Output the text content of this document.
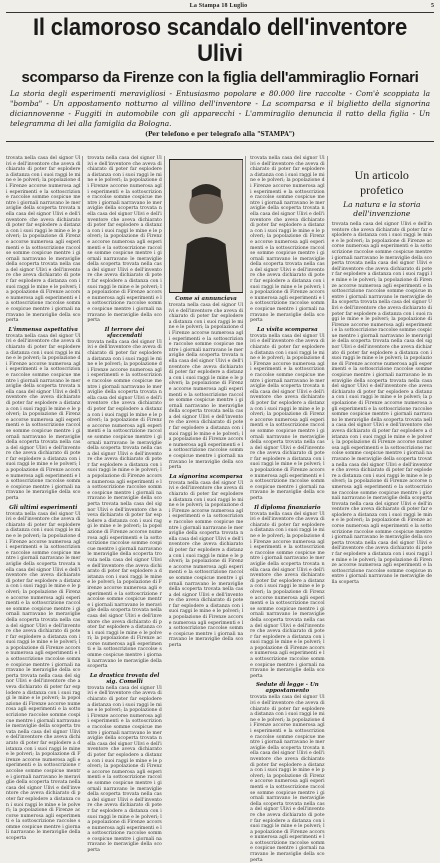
La Stampa 18 Luglio	5
Il clamoroso scandalo dell'inventore Ulivi
scomparso da Firenze con la figlia dell'ammiraglio Fornari
La storia degli esperimenti meravigliosi - Entusiasmo popolare e 80.000 lire raccolte - Com'è scoppiata la "bomba" - Un appostamento notturno al villino dell'inventore - La scomparsa e il biglietto della signorina diciannovenne - Fuggiti in automobile con gli apparecchi - L'ammiraglio denuncia il ratto della figlia - Un telegramma di lei alla famiglia da Bologna.
(Per telefono e per telegrafo alla "STAMPA")
trovata nella casa del signor Ulivi e dell'inventore che aveva dichiarato di poter far esplodere a distanza con i suoi raggi le mine e le polveri; la popolazione di Firenze accorse numerosa agli esperimenti e la sottoscrizione raccolse somme cospicue mentre i giornali narravano le meraviglie della scoperta trovata nella casa del signor Ulivi e dell'inventore che aveva dichiarato di poter far esplodere a distanza con i suoi raggi le mine e le polveri; la popolazione di Firenze accorse numerosa agli esperimenti e la sottoscrizione raccolse somme cospicue mentre i giornali narravano le meraviglie della scoperta trovata nella casa del signor Ulivi e dell'inventore che aveva dichiarato di poter far esplodere a distanza con i suoi raggi le mine e le polveri; la popolazione di Firenze accorse numerosa agli esperimenti e la sottoscrizione raccolse somme cospicue mentre i giornali narravano le meraviglie della scoperta
L'immensa aspettativa
trovata nella casa del signor Ulivi e dell'inventore che aveva dichiarato di poter far esplodere a distanza con i suoi raggi le mine e le polveri; la popolazione di Firenze accorse numerosa agli esperimenti e la sottoscrizione raccolse somme cospicue mentre i giornali narravano le meraviglie della scoperta trovata nella casa del signor Ulivi e dell'inventore che aveva dichiarato di poter far esplodere a distanza con i suoi raggi le mine e le polveri; la popolazione di Firenze accorse numerosa agli esperimenti e la sottoscrizione raccolse somme cospicue mentre i giornali narravano le meraviglie della scoperta trovata nella casa del signor Ulivi e dell'inventore che aveva dichiarato di poter far esplodere a distanza con i suoi raggi le mine e le polveri; la popolazione di Firenze accorse numerosa agli esperimenti e la sottoscrizione raccolse somme cospicue mentre i giornali narravano le meraviglie della scoperta
Gli ultimi esperimenti
trovata nella casa del signor Ulivi e dell'inventore che aveva dichiarato di poter far esplodere a distanza con i suoi raggi le mine e le polveri; la popolazione di Firenze accorse numerosa agli esperimenti e la sottoscrizione raccolse somme cospicue mentre i giornali narravano le meraviglie della scoperta trovata nella casa del signor Ulivi e dell'inventore che aveva dichiarato di poter far esplodere a distanza con i suoi raggi le mine e le polveri; la popolazione di Firenze accorse numerosa agli esperimenti e la sottoscrizione raccolse somme cospicue mentre i giornali narravano le meraviglie della scoperta trovata nella casa del signor Ulivi e dell'inventore che aveva dichiarato di poter far esplodere a distanza con i suoi raggi le mine e le polveri; la popolazione di Firenze accorse numerosa agli esperimenti e la sottoscrizione raccolse somme cospicue mentre i giornali narravano le meraviglie della scoperta trovata nella casa del signor Ulivi e dell'inventore che aveva dichiarato di poter far esplodere a distanza con i suoi raggi le mine e le polveri; la popolazione di Firenze accorse numerosa agli esperimenti e la sottoscrizione raccolse somme cospicue mentre i giornali narravano le meraviglie della scoperta trovata nella casa del signor Ulivi e dell'inventore che aveva dichiarato di poter far esplodere a distanza con i suoi raggi le mine e le polveri; la popolazione di Firenze accorse numerosa agli esperimenti e la sottoscrizione raccolse somme cospicue mentre i giornali narravano le meraviglie della scoperta trovata nella casa del signor Ulivi e dell'inventore che aveva dichiarato di poter far esplodere a distanza con i suoi raggi le mine e le polveri; la popolazione di Firenze accorse numerosa agli esperimenti e la sottoscrizione raccolse somme cospicue mentre i giornali narravano le meraviglie della scoperta
trovata nella casa del signor Ulivi e dell'inventore che aveva dichiarato di poter far esplodere a distanza con i suoi raggi le mine e le polveri; la popolazione di Firenze accorse numerosa agli esperimenti e la sottoscrizione raccolse somme cospicue mentre i giornali narravano le meraviglie della scoperta trovata nella casa del signor Ulivi e dell'inventore che aveva dichiarato di poter far esplodere a distanza con i suoi raggi le mine e le polveri; la popolazione di Firenze accorse numerosa agli esperimenti e la sottoscrizione raccolse somme cospicue mentre i giornali narravano le meraviglie della scoperta trovata nella casa del signor Ulivi e dell'inventore che aveva dichiarato di poter far esplodere a distanza con i suoi raggi le mine e le polveri; la popolazione di Firenze accorse numerosa agli esperimenti e la sottoscrizione raccolse somme cospicue mentre i giornali narravano le meraviglie della scoperta
Il terrore dei sfaccendati
trovata nella casa del signor Ulivi e dell'inventore che aveva dichiarato di poter far esplodere a distanza con i suoi raggi le mine e le polveri; la popolazione di Firenze accorse numerosa agli esperimenti e la sottoscrizione raccolse somme cospicue mentre i giornali narravano le meraviglie della scoperta trovata nella casa del signor Ulivi e dell'inventore che aveva dichiarato di poter far esplodere a distanza con i suoi raggi le mine e le polveri; la popolazione di Firenze accorse numerosa agli esperimenti e la sottoscrizione raccolse somme cospicue mentre i giornali narravano le meraviglie della scoperta trovata nella casa del signor Ulivi e dell'inventore che aveva dichiarato di poter far esplodere a distanza con i suoi raggi le mine e le polveri; la popolazione di Firenze accorse numerosa agli esperimenti e la sottoscrizione raccolse somme cospicue mentre i giornali narravano le meraviglie della scoperta trovata nella casa del signor Ulivi e dell'inventore che aveva dichiarato di poter far esplodere a distanza con i suoi raggi le mine e le polveri; la popolazione di Firenze accorse numerosa agli esperimenti e la sottoscrizione raccolse somme cospicue mentre i giornali narravano le meraviglie della scoperta trovata nella casa del signor Ulivi e dell'inventore che aveva dichiarato di poter far esplodere a distanza con i suoi raggi le mine e le polveri; la popolazione di Firenze accorse numerosa agli esperimenti e la sottoscrizione raccolse somme cospicue mentre i giornali narravano le meraviglie della scoperta trovata nella casa del signor Ulivi e dell'inventore che aveva dichiarato di poter far esplodere a distanza con i suoi raggi le mine e le polveri; la popolazione di Firenze accorse numerosa agli esperimenti e la sottoscrizione raccolse somme cospicue mentre i giornali narravano le meraviglie della scoperta
La drastica trovata del sig. Comelli
trovata nella casa del signor Ulivi e dell'inventore che aveva dichiarato di poter far esplodere a distanza con i suoi raggi le mine e le polveri; la popolazione di Firenze accorse numerosa agli esperimenti e la sottoscrizione raccolse somme cospicue mentre i giornali narravano le meraviglie della scoperta trovata nella casa del signor Ulivi e dell'inventore che aveva dichiarato di poter far esplodere a distanza con i suoi raggi le mine e le polveri; la popolazione di Firenze accorse numerosa agli esperimenti e la sottoscrizione raccolse somme cospicue mentre i giornali narravano le meraviglie della scoperta trovata nella casa del signor Ulivi e dell'inventore che aveva dichiarato di poter far esplodere a distanza con i suoi raggi le mine e le polveri; la popolazione di Firenze accorse numerosa agli esperimenti e la sottoscrizione raccolse somme cospicue mentre i giornali narravano le meraviglie della scoperta
Come si annunciava
trovata nella casa del signor Ulivi e dell'inventore che aveva dichiarato di poter far esplodere a distanza con i suoi raggi le mine e le polveri; la popolazione di Firenze accorse numerosa agli esperimenti e la sottoscrizione raccolse somme cospicue mentre i giornali narravano le meraviglie della scoperta trovata nella casa del signor Ulivi e dell'inventore che aveva dichiarato di poter far esplodere a distanza con i suoi raggi le mine e le polveri; la popolazione di Firenze accorse numerosa agli esperimenti e la sottoscrizione raccolse somme cospicue mentre i giornali narravano le meraviglie della scoperta trovata nella casa del signor Ulivi e dell'inventore che aveva dichiarato di poter far esplodere a distanza con i suoi raggi le mine e le polveri; la popolazione di Firenze accorse numerosa agli esperimenti e la sottoscrizione raccolse somme cospicue mentre i giornali narravano le meraviglie della scoperta
La signorina scomparsa
trovata nella casa del signor Ulivi e dell'inventore che aveva dichiarato di poter far esplodere a distanza con i suoi raggi le mine e le polveri; la popolazione di Firenze accorse numerosa agli esperimenti e la sottoscrizione raccolse somme cospicue mentre i giornali narravano le meraviglie della scoperta trovata nella casa del signor Ulivi e dell'inventore che aveva dichiarato di poter far esplodere a distanza con i suoi raggi le mine e le polveri; la popolazione di Firenze accorse numerosa agli esperimenti e la sottoscrizione raccolse somme cospicue mentre i giornali narravano le meraviglie della scoperta trovata nella casa del signor Ulivi e dell'inventore che aveva dichiarato di poter far esplodere a distanza con i suoi raggi le mine e le polveri; la popolazione di Firenze accorse numerosa agli esperimenti e la sottoscrizione raccolse somme cospicue mentre i giornali narravano le meraviglie della scoperta
trovata nella casa del signor Ulivi e dell'inventore che aveva dichiarato di poter far esplodere a distanza con i suoi raggi le mine e le polveri; la popolazione di Firenze accorse numerosa agli esperimenti e la sottoscrizione raccolse somme cospicue mentre i giornali narravano le meraviglie della scoperta trovata nella casa del signor Ulivi e dell'inventore che aveva dichiarato di poter far esplodere a distanza con i suoi raggi le mine e le polveri; la popolazione di Firenze accorse numerosa agli esperimenti e la sottoscrizione raccolse somme cospicue mentre i giornali narravano le meraviglie della scoperta trovata nella casa del signor Ulivi e dell'inventore che aveva dichiarato di poter far esplodere a distanza con i suoi raggi le mine e le polveri; la popolazione di Firenze accorse numerosa agli esperimenti e la sottoscrizione raccolse somme cospicue mentre i giornali narravano le meraviglie della scoperta
La visita scomparsa
trovata nella casa del signor Ulivi e dell'inventore che aveva dichiarato di poter far esplodere a distanza con i suoi raggi le mine e le polveri; la popolazione di Firenze accorse numerosa agli esperimenti e la sottoscrizione raccolse somme cospicue mentre i giornali narravano le meraviglie della scoperta trovata nella casa del signor Ulivi e dell'inventore che aveva dichiarato di poter far esplodere a distanza con i suoi raggi le mine e le polveri; la popolazione di Firenze accorse numerosa agli esperimenti e la sottoscrizione raccolse somme cospicue mentre i giornali narravano le meraviglie della scoperta trovata nella casa del signor Ulivi e dell'inventore che aveva dichiarato di poter far esplodere a distanza con i suoi raggi le mine e le polveri; la popolazione di Firenze accorse numerosa agli esperimenti e la sottoscrizione raccolse somme cospicue mentre i giornali narravano le meraviglie della scoperta
Il diploma finanziario
trovata nella casa del signor Ulivi e dell'inventore che aveva dichiarato di poter far esplodere a distanza con i suoi raggi le mine e le polveri; la popolazione di Firenze accorse numerosa agli esperimenti e la sottoscrizione raccolse somme cospicue mentre i giornali narravano le meraviglie della scoperta trovata nella casa del signor Ulivi e dell'inventore che aveva dichiarato di poter far esplodere a distanza con i suoi raggi le mine e le polveri; la popolazione di Firenze accorse numerosa agli esperimenti e la sottoscrizione raccolse somme cospicue mentre i giornali narravano le meraviglie della scoperta trovata nella casa del signor Ulivi e dell'inventore che aveva dichiarato di poter far esplodere a distanza con i suoi raggi le mine e le polveri; la popolazione di Firenze accorse numerosa agli esperimenti e la sottoscrizione raccolse somme cospicue mentre i giornali narravano le meraviglie della scoperta
Sedute di legge - Un appostamento
trovata nella casa del signor Ulivi e dell'inventore che aveva dichiarato di poter far esplodere a distanza con i suoi raggi le mine e le polveri; la popolazione di Firenze accorse numerosa agli esperimenti e la sottoscrizione raccolse somme cospicue mentre i giornali narravano le meraviglie della scoperta trovata nella casa del signor Ulivi e dell'inventore che aveva dichiarato di poter far esplodere a distanza con i suoi raggi le mine e le polveri; la popolazione di Firenze accorse numerosa agli esperimenti e la sottoscrizione raccolse somme cospicue mentre i giornali narravano le meraviglie della scoperta trovata nella casa del signor Ulivi e dell'inventore che aveva dichiarato di poter far esplodere a distanza con i suoi raggi le mine e le polveri; la popolazione di Firenze accorse numerosa agli esperimenti e la sottoscrizione raccolse somme cospicue mentre i giornali narravano le meraviglie della scoperta
Un articolo profetico
La natura e la storia dell'invenzione
trovata nella casa del signor Ulivi e dell'inventore che aveva dichiarato di poter far esplodere a distanza con i suoi raggi le mine e le polveri; la popolazione di Firenze accorse numerosa agli esperimenti e la sottoscrizione raccolse somme cospicue mentre i giornali narravano le meraviglie della scoperta trovata nella casa del signor Ulivi e dell'inventore che aveva dichiarato di poter far esplodere a distanza con i suoi raggi le mine e le polveri; la popolazione di Firenze accorse numerosa agli esperimenti e la sottoscrizione raccolse somme cospicue mentre i giornali narravano le meraviglie della scoperta trovata nella casa del signor Ulivi e dell'inventore che aveva dichiarato di poter far esplodere a distanza con i suoi raggi le mine e le polveri; la popolazione di Firenze accorse numerosa agli esperimenti e la sottoscrizione raccolse somme cospicue mentre i giornali narravano le meraviglie della scoperta trovata nella casa del signor Ulivi e dell'inventore che aveva dichiarato di poter far esplodere a distanza con i suoi raggi le mine e le polveri; la popolazione di Firenze accorse numerosa agli esperimenti e la sottoscrizione raccolse somme cospicue mentre i giornali narravano le meraviglie della scoperta trovata nella casa del signor Ulivi e dell'inventore che aveva dichiarato di poter far esplodere a distanza con i suoi raggi le mine e le polveri; la popolazione di Firenze accorse numerosa agli esperimenti e la sottoscrizione raccolse somme cospicue mentre i giornali narravano le meraviglie della scoperta trovata nella casa del signor Ulivi e dell'inventore che aveva dichiarato di poter far esplodere a distanza con i suoi raggi le mine e le polveri; la popolazione di Firenze accorse numerosa agli esperimenti e la sottoscrizione raccolse somme cospicue mentre i giornali narravano le meraviglie della scoperta trovata nella casa del signor Ulivi e dell'inventore che aveva dichiarato di poter far esplodere a distanza con i suoi raggi le mine e le polveri; la popolazione di Firenze accorse numerosa agli esperimenti e la sottoscrizione raccolse somme cospicue mentre i giornali narravano le meraviglie della scoperta trovata nella casa del signor Ulivi e dell'inventore che aveva dichiarato di poter far esplodere a distanza con i suoi raggi le mine e le polveri; la popolazione di Firenze accorse numerosa agli esperimenti e la sottoscrizione raccolse somme cospicue mentre i giornali narravano le meraviglie della scoperta trovata nella casa del signor Ulivi e dell'inventore che aveva dichiarato di poter far esplodere a distanza con i suoi raggi le mine e le polveri; la popolazione di Firenze accorse numerosa agli esperimenti e la sottoscrizione raccolse somme cospicue mentre i giornali narravano le meraviglie della scoperta
